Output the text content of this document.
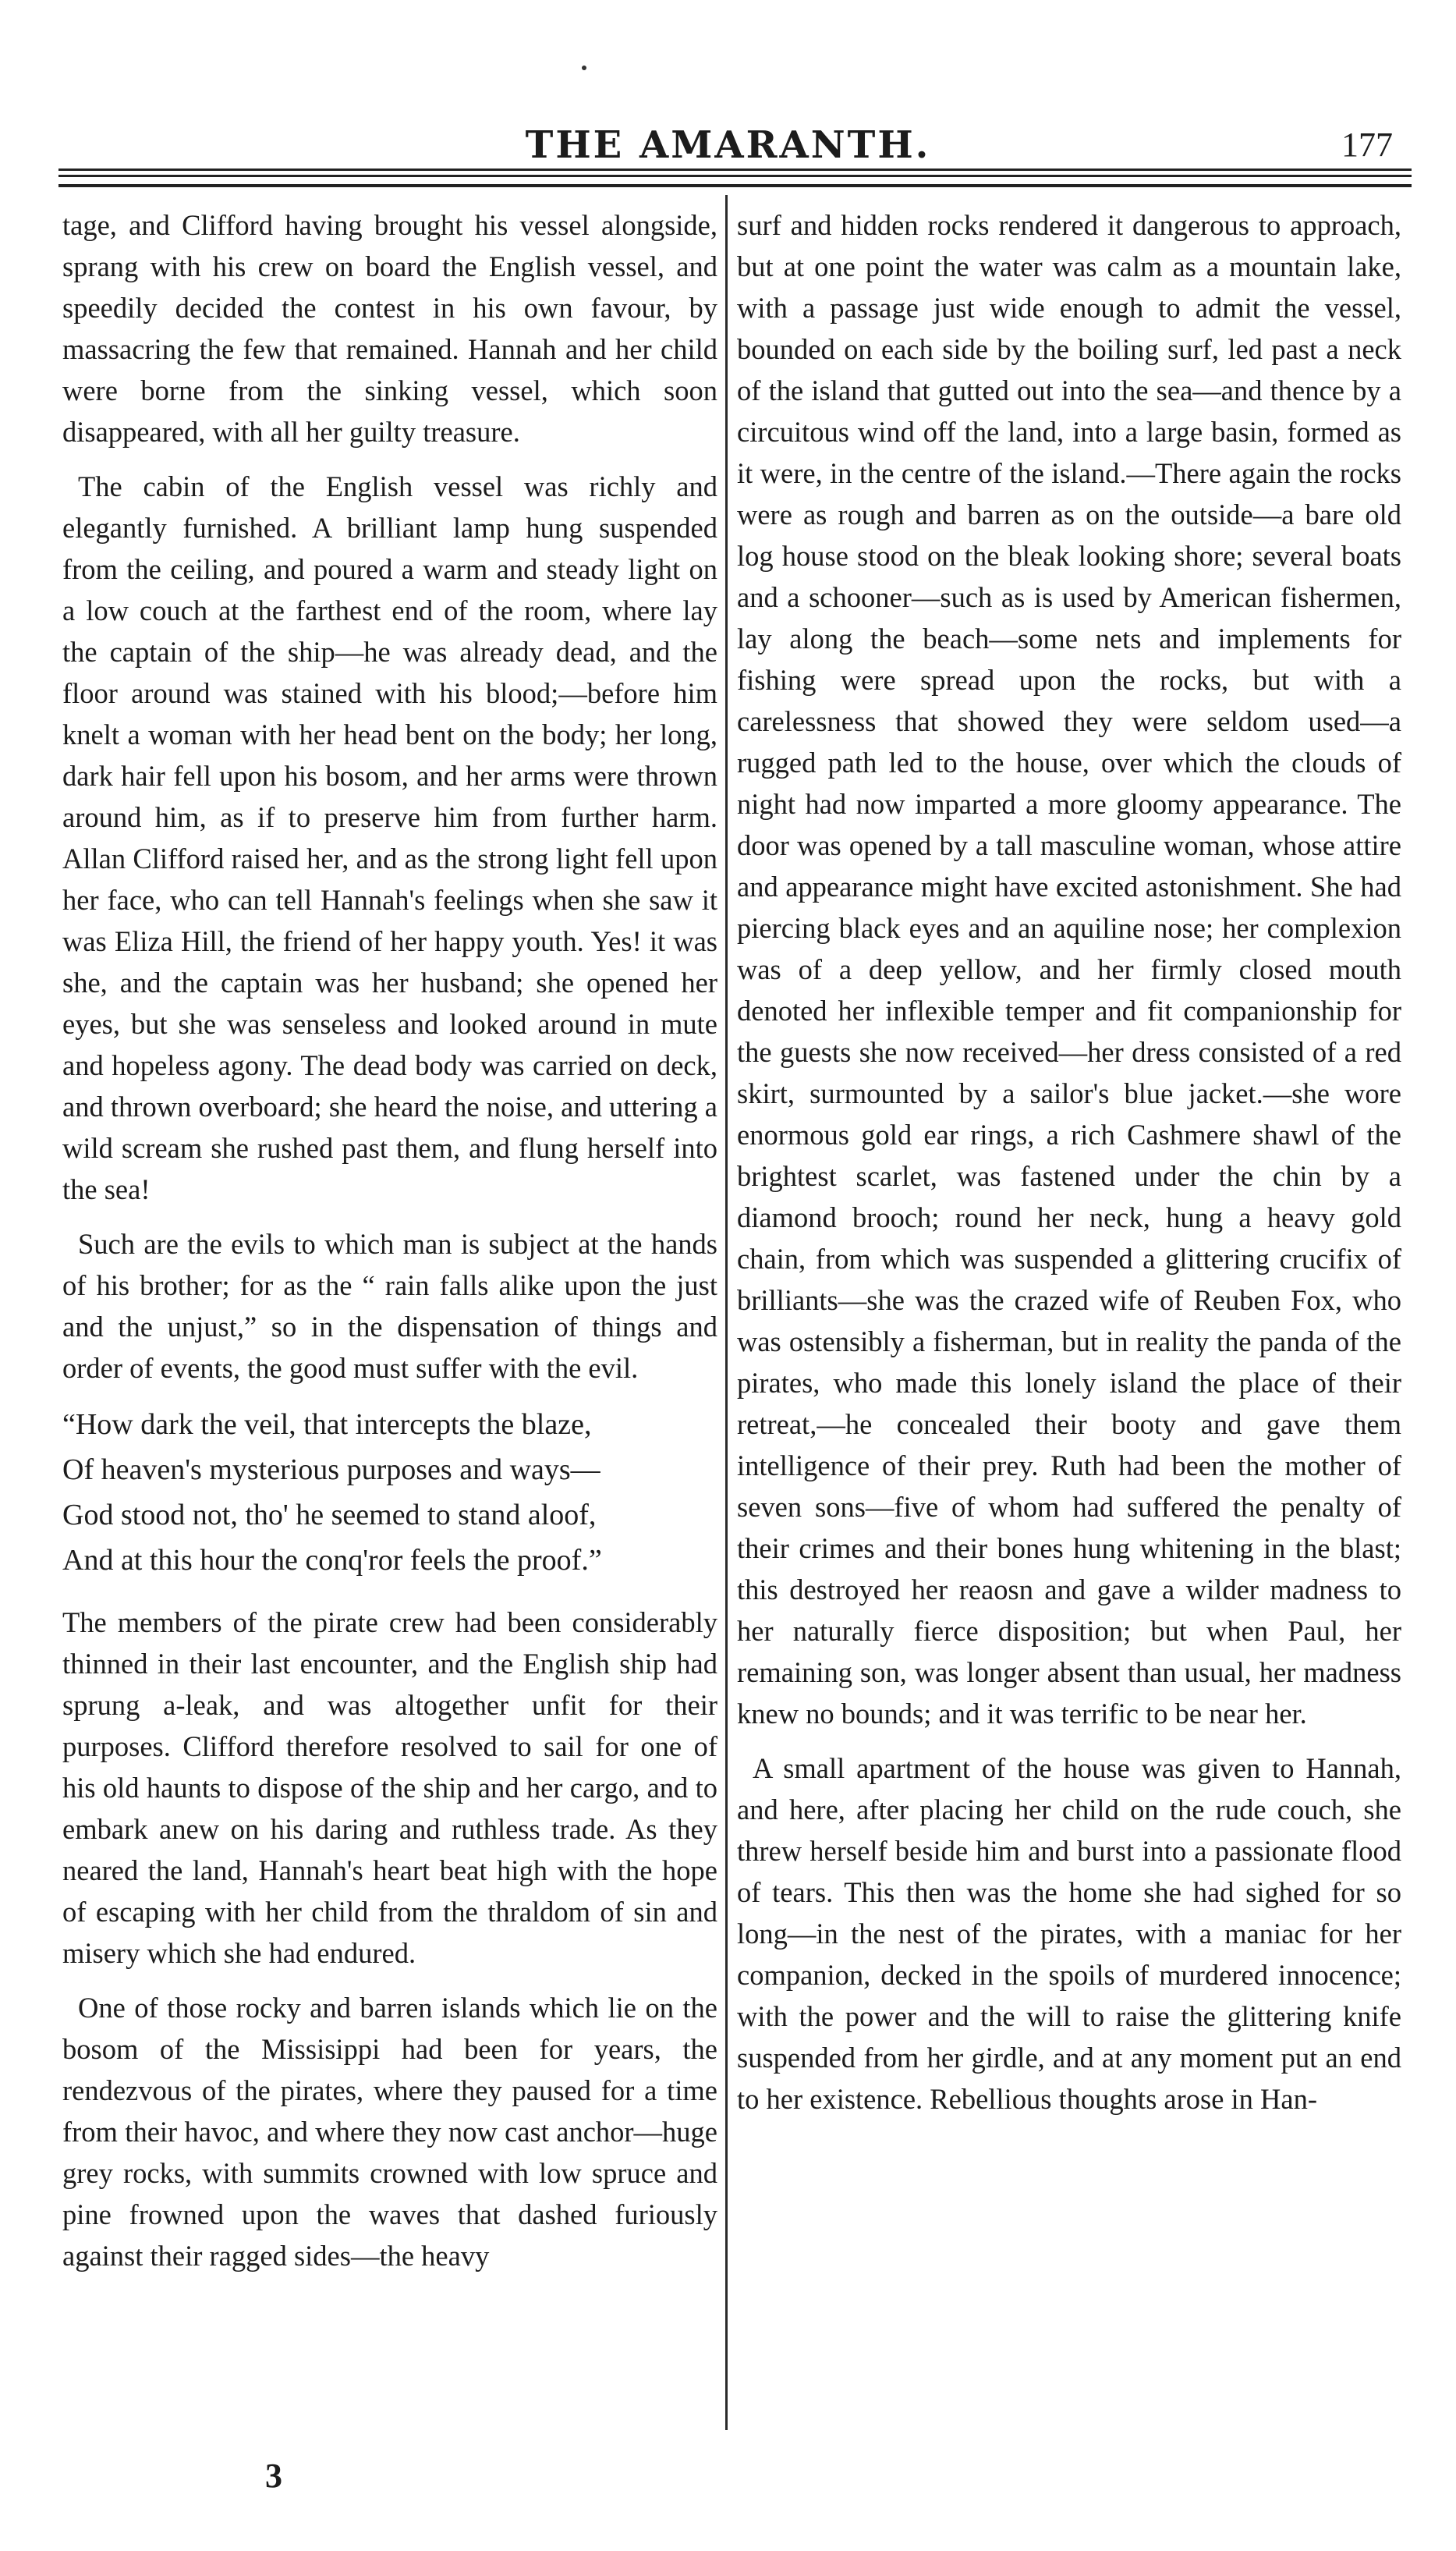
THE AMARANTH.	177

tage, and Clifford having brought his vessel alongside, sprang with his crew on board the English vessel, and speedily decided the contest in his own favour, by massacring the few that remained. Hannah and her child were borne from the sinking vessel, which soon disappeared, with all her guilty treasure.

The cabin of the English vessel was richly and elegantly furnished. A brilliant lamp hung suspended from the ceiling, and poured a warm and steady light on a low couch at the farthest end of the room, where lay the captain of the ship—he was already dead, and the floor around was stained with his blood;—before him knelt a woman with her head bent on the body; her long, dark hair fell upon his bosom, and her arms were thrown around him, as if to preserve him from further harm. Allan Clifford raised her, and as the strong light fell upon her face, who can tell Hannah's feelings when she saw it was Eliza Hill, the friend of her happy youth. Yes! it was she, and the captain was her husband; she opened her eyes, but she was senseless and looked around in mute and hopeless agony. The dead body was carried on deck, and thrown overboard; she heard the noise, and uttering a wild scream she rushed past them, and flung herself into the sea!

Such are the evils to which man is subject at the hands of his brother; for as the “ rain falls alike upon the just and the unjust,” so in the dispensation of things and order of events, the good must suffer with the evil.

“How dark the veil, that intercepts the blaze,
Of heaven's mysterious purposes and ways—
God stood not, tho' he seemed to stand aloof,
And at this hour the conq'ror feels the proof.”

The members of the pirate crew had been considerably thinned in their last encounter, and the English ship had sprung a-leak, and was altogether unfit for their purposes. Clifford therefore resolved to sail for one of his old haunts to dispose of the ship and her cargo, and to embark anew on his daring and ruthless trade. As they neared the land, Hannah's heart beat high with the hope of escaping with her child from the thraldom of sin and misery which she had endured.

One of those rocky and barren islands which lie on the bosom of the Missisippi had been for years, the rendezvous of the pirates, where they paused for a time from their havoc, and where they now cast anchor—huge grey rocks, with summits crowned with low spruce and pine frowned upon the waves that dashed furiously against their ragged sides—the heavy

surf and hidden rocks rendered it dangerous to approach, but at one point the water was calm as a mountain lake, with a passage just wide enough to admit the vessel, bounded on each side by the boiling surf, led past a neck of the island that gutted out into the sea—and thence by a circuitous wind off the land, into a large basin, formed as it were, in the centre of the island.—There again the rocks were as rough and barren as on the outside—a bare old log house stood on the bleak looking shore; several boats and a schooner—such as is used by American fishermen, lay along the beach—some nets and implements for fishing were spread upon the rocks, but with a carelessness that showed they were seldom used—a rugged path led to the house, over which the clouds of night had now imparted a more gloomy appearance. The door was opened by a tall masculine woman, whose attire and appearance might have excited astonishment. She had piercing black eyes and an aquiline nose; her complexion was of a deep yellow, and her firmly closed mouth denoted her inflexible temper and fit companionship for the guests she now received—her dress consisted of a red skirt, surmounted by a sailor's blue jacket.—she wore enormous gold ear rings, a rich Cashmere shawl of the brightest scarlet, was fastened under the chin by a diamond brooch; round her neck, hung a heavy gold chain, from which was suspended a glittering crucifix of brilliants—she was the crazed wife of Reuben Fox, who was ostensibly a fisherman, but in reality the panda of the pirates, who made this lonely island the place of their retreat,—he concealed their booty and gave them intelligence of their prey. Ruth had been the mother of seven sons—five of whom had suffered the penalty of their crimes and their bones hung whitening in the blast; this destroyed her reaosn and gave a wilder madness to her naturally fierce disposition; but when Paul, her remaining son, was longer absent than usual, her madness knew no bounds; and it was terrific to be near her.

A small apartment of the house was given to Hannah, and here, after placing her child on the rude couch, she threw herself beside him and burst into a passionate flood of tears. This then was the home she had sighed for so long—in the nest of the pirates, with a maniac for her companion, decked in the spoils of murdered innocence; with the power and the will to raise the glittering knife suspended from her girdle, and at any moment put an end to her existence. Rebellious thoughts arose in Han-

3
